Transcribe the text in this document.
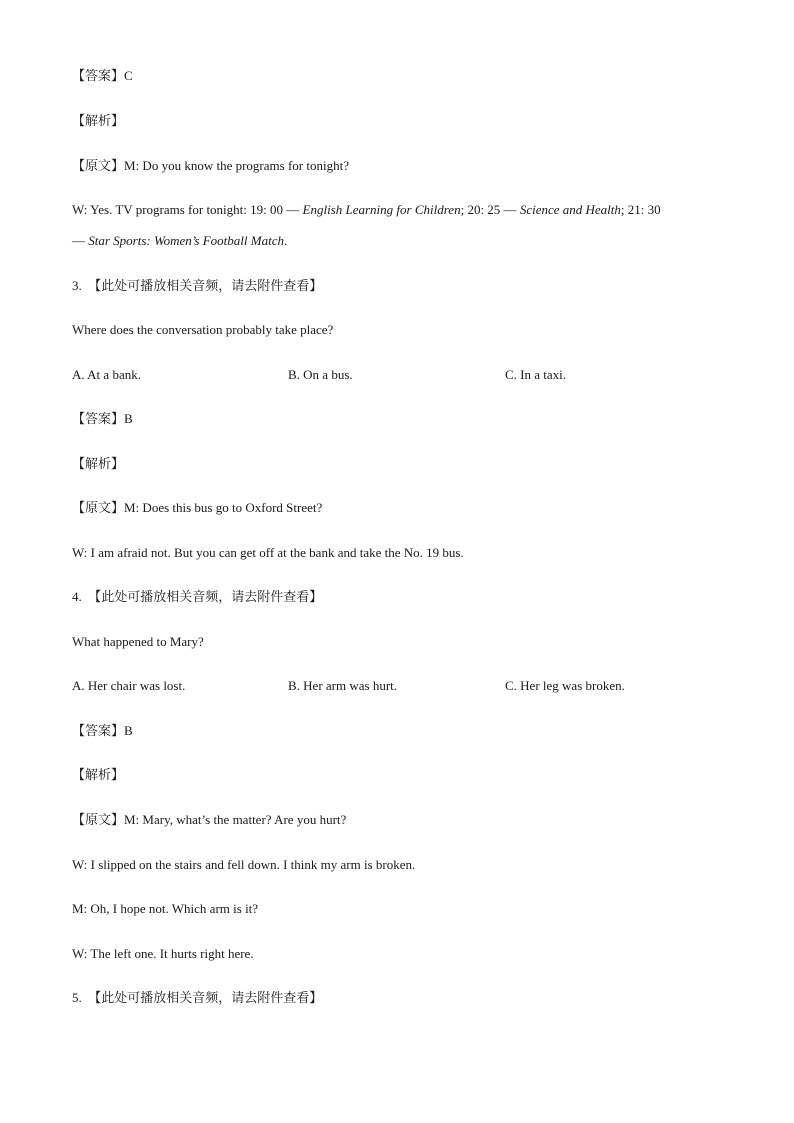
【答案】C
【解析】
【原文】M: Do you know the programs for tonight?
W: Yes. TV programs for tonight: 19: 00 — English Learning for Children; 20: 25 — Science and Health; 21: 30
— Star Sports: Women’s Football Match.
3. 【此处可播放相关音频，请去附件查看】
Where does the conversation probably take place?
A. At a bank.	B. On a bus.	C. In a taxi.
【答案】B
【解析】
【原文】M: Does this bus go to Oxford Street?
W: I am afraid not. But you can get off at the bank and take the No. 19 bus.
4. 【此处可播放相关音频，请去附件查看】
What happened to Mary?
A. Her chair was lost.	B. Her arm was hurt.	C. Her leg was broken.
【答案】B
【解析】
【原文】M: Mary, what’s the matter? Are you hurt?
W: I slipped on the stairs and fell down. I think my arm is broken.
M: Oh, I hope not. Which arm is it?
W: The left one. It hurts right here.
5. 【此处可播放相关音频，请去附件查看】
